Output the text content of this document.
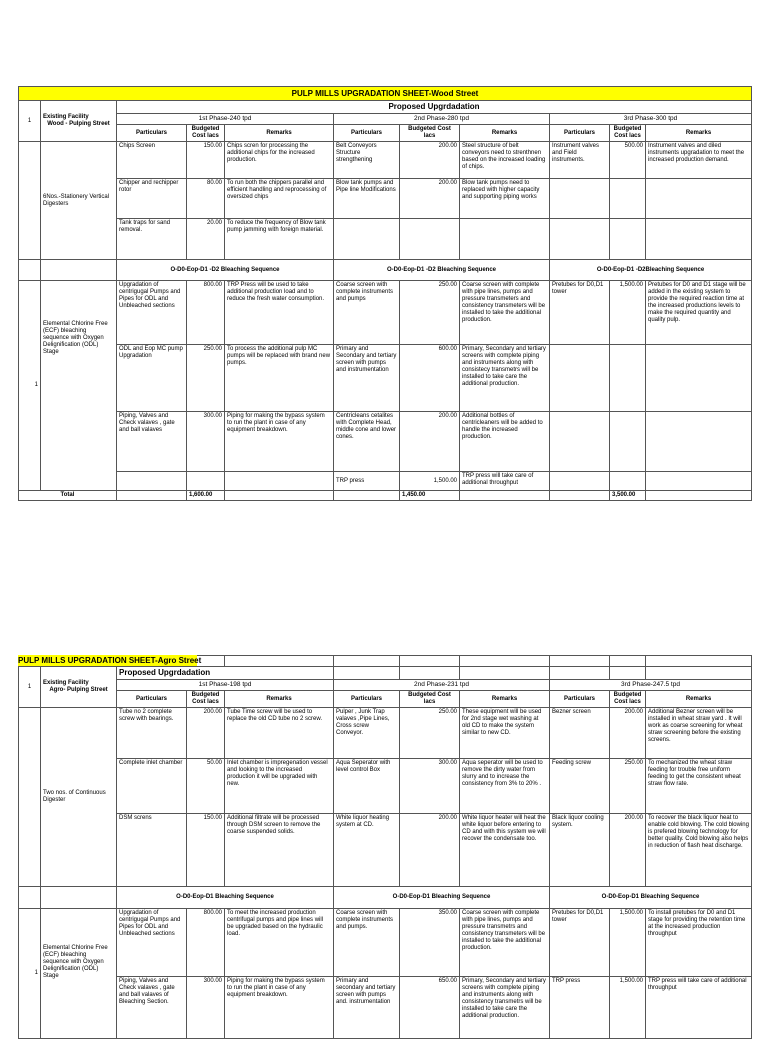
PULP MILLS UPGRADATION SHEET-Wood Street										
1	Existing Facility
Wood - Pulping Street	Proposed Upgrdadation								
		1st Phase-240 tpd			2nd Phase-280 tpd			3rd Phase-300 tpd		
		Particulars	Budgeted Cost lacs	Remarks	Particulars	Budgeted Cost lacs	Remarks	Particulars	Budgeted Cost lacs	Remarks
	6Nos.-Stationery Vertical Digesters	Chips Screen	150.00	Chips scren for processing the additional chips for the increased production.	Belt Conveyors Structure strengthening	200.00	Steel structure of belt conveyors need to strenthnen based on the increased loading of chips.	Instrument valves and Field instruments.	500.00	Instrument valves and diled instruments upgradation to meet the increased production demand.
		Chipper and rechipper rotor	80.00	To run both the chippers parallel and efficient handling and reprocessing of oversized chips	Blow tank pumps and Pipe line Modifications	200.00	Blow tank pumps need to replaced with higher capacity and supporting piping works			
		Tank traps for sand removal.	20.00	To reduce the frequency of Blow tank pump jamming with foreign material.						
		O-D0-Eop-D1 -D2 Bleaching Sequence			O-D0-Eop-D1 -D2 Bleaching Sequence			O-D0-Eop-D1 -D2Bleaching Sequence		
1	Elemental Chlorine Free (ECF) bleaching sequence with Oxygen Delignification (ODL) Stage	Upgradation of centrigugal Pumps and Pipes for ODL and Unbleached sections	800.00	TRP Press will be used to take additional production load and to reduce the fresh water consumption.	Coarse screen with complete instruments and pumps	250.00	Coarse screen with complete with pipe lines, pumps and pressure transmeters and consistency transmeters will be installed to take the additional production.	Pretubes for D0,D1 tower	1,500.00	Pretubes for D0 and D1 stage will be added in the existing system to provide the required reaction time at the increased productions levels to make the required quantity and quality pulp.
		ODL and Eop MC pump Upgradation	250.00	To process the additional pulp MC pumps will be replaced with brand new pumps.	Primary and Secondary and tertiary screen with pumps and instrumentation	600.00	Primary, Secondary and tertiary screens with complete piping and instruments along with consistecy transmetrs will be installed to take care the additional production.			
		Piping, Valves and Check valaves , gate and ball valaves	300.00	Piping for making the bypass system to run the plant in case of any equipment breakdown.	Centricleans cetalites with Complete Head, middle cone and lower cones.	200.00	Additional bottles of centricleaners will be added to handle the increased production.			
					TRP press	1,500.00	TRP press will take care of additional throughput			
Total			1,600.00			1,450.00			3,500.00	

1	Existing Facility
Agro- Pulping Street	Proposed Upgrdadation								
		1st Phase-198 tpd			2nd Phase-231 tpd			3rd Phase-247.5 tpd		
		Particulars	Budgeted Cost lacs	Remarks	Particulars	Budgeted Cost lacs	Remarks	Particulars	Budgeted Cost lacs	Remarks
	Two nos. of Continuous Digester	Tube no 2 complete screw with bearings.	200.00	Tube Time screw will be used to replace the old CD tube no 2 screw.	Pulper , Junk Trap valaves ,Pipe Lines, Cross screw Conveyor.	250.00	These equipment will be used for 2nd stage wet washing at old CD to make the system similar to new CD.	Bezner screen	200.00	Additional Bezner screen will be installed in wheat straw yard . It will work as coarse screening for wheat straw screening before the existing screens.
		Complete inlet chamber	50.00	Inlet chamber is impregenation vessel and looking to the increased production it will be upgraded with new.	Aqua Seperator with level control Box	300.00	Aqua seperator will be used to remove the dirty water from slurry and to increase the consistency from 3% to 20% .	Feeding screw	250.00	To mechanized the wheat straw feeding for trouble free uniform feeding to get the consistent wheat straw flow rate.
		DSM screns	150.00	Additional filtrate will be processed through DSM screen to remove the coarse suspended solids.	White liquor heating system at CD.	200.00	White liquor heater will heat the white liquor before entering to CD and with this system we will recover the condensate too.	Black liquor cooling system.	200.00	To recover the black liquor heat to enable cold blowing. The cold blowing is prefered blowing technology for better quality. Cold blowing also helps in reduction of flash heat discharge.
		O-D0-Eop-D1 Bleaching Sequence			O-D0-Eop-D1 Bleaching Sequence			O-D0-Eop-D1 Bleaching Sequence		
1	Elemental Chlorine Free (ECF) bleaching sequence with Oxygen Delignification (ODL) Stage	Upgradation of centrigugal Pumps and Pipes for ODL and Unbleached sections	800.00	To meet the increased production centrifugal pumps and pipe lines will be upgraded based on the hydraulic load.	Coarse screen with complete instruments and pumps.	350.00	Coarse screen with complete with pipe lines, pumps and pressure transmetrs and consistency transmeters will be installed to take the additional production.	Pretubes for D0,D1 tower	1,500.00	To install pretubes for D0 and D1 stage for providing the retention time at the increased production throughput
		Piping, Valves and Check valaves , gate and ball valaves of Bleaching Section.	300.00	Piping for making the bypass system to run the plant in case of any equipment breakdown.	Primary and secondary and tertiary screen with pumps and. instrumentation	650.00	Primary, Secondary and tertiary screens with complete piping and instruments along with consistency transmetrs will be installed to take care the additional production.	TRP press	1,500.00	TRP press will take care of additional throughput
PULP MILLS UPGRADATION SHEET-Agro Street
